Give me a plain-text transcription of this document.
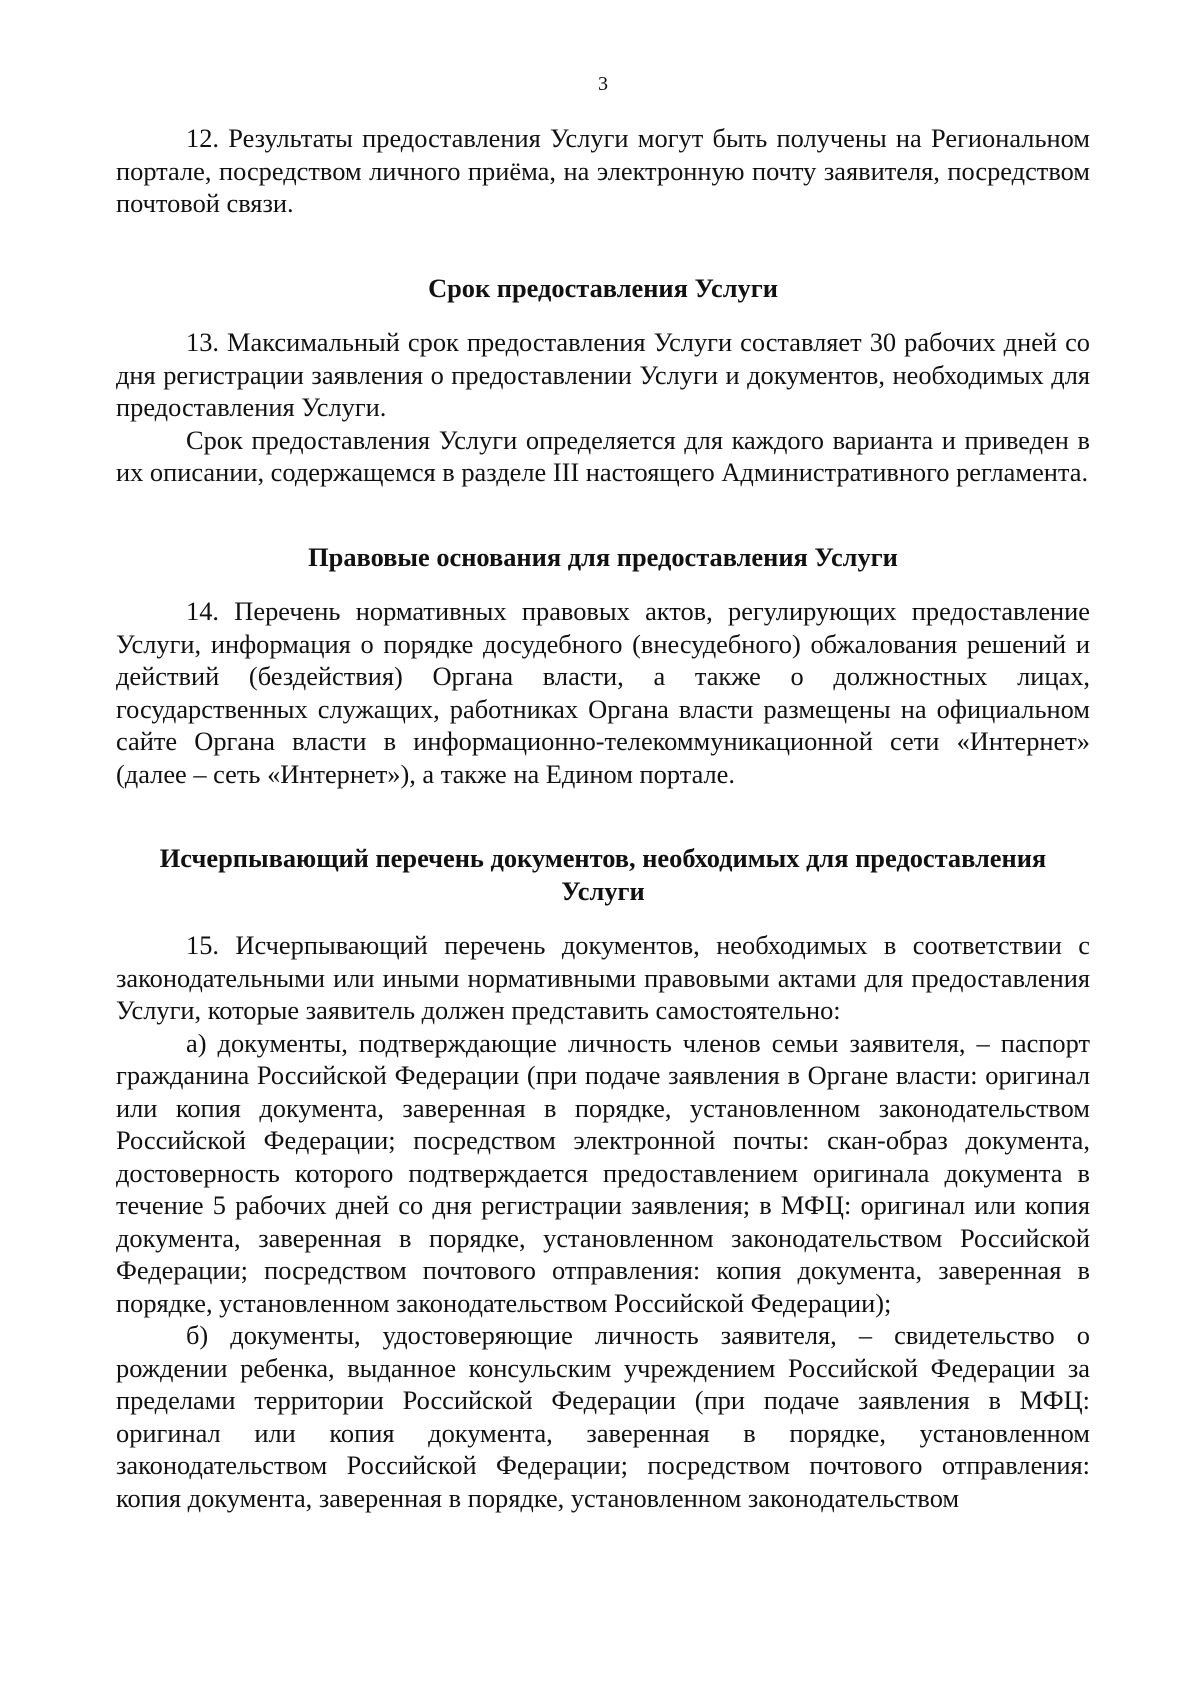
3

12. Результаты предоставления Услуги могут быть получены на Региональном портале, посредством личного приёма, на электронную почту заявителя, посредством почтовой связи.

Срок предоставления Услуги

13. Максимальный срок предоставления Услуги составляет 30 рабочих дней со дня регистрации заявления о предоставлении Услуги и документов, необходимых для предоставления Услуги.

Срок предоставления Услуги определяется для каждого варианта и приведен в их описании, содержащемся в разделе III настоящего Административного регламента.

Правовые основания для предоставления Услуги

14. Перечень нормативных правовых актов, регулирующих предоставление Услуги, информация о порядке досудебного (внесудебного) обжалования решений и действий (бездействия) Органа власти, а также о должностных лицах, государственных служащих, работниках Органа власти размещены на официальном сайте Органа власти в информационно-телекоммуникационной сети «Интернет» (далее – сеть «Интернет»), а также на Едином портале.

Исчерпывающий перечень документов, необходимых для предоставления Услуги

15. Исчерпывающий перечень документов, необходимых в соответствии с законодательными или иными нормативными правовыми актами для предоставления Услуги, которые заявитель должен представить самостоятельно:

а) документы, подтверждающие личность членов семьи заявителя, – паспорт гражданина Российской Федерации (при подаче заявления в Органе власти: оригинал или копия документа, заверенная в порядке, установленном законодательством Российской Федерации; посредством электронной почты: скан-образ документа, достоверность которого подтверждается предоставлением оригинала документа в течение 5 рабочих дней со дня регистрации заявления; в МФЦ: оригинал или копия документа, заверенная в порядке, установленном законодательством Российской Федерации; посредством почтового отправления: копия документа, заверенная в порядке, установленном законодательством Российской Федерации);

б) документы, удостоверяющие личность заявителя, – свидетельство о рождении ребенка, выданное консульским учреждением Российской Федерации за пределами территории Российской Федерации (при подаче заявления в МФЦ: оригинал или копия документа, заверенная в порядке, установленном законодательством Российской Федерации; посредством почтового отправления: копия документа, заверенная в порядке, установленном законодательством
